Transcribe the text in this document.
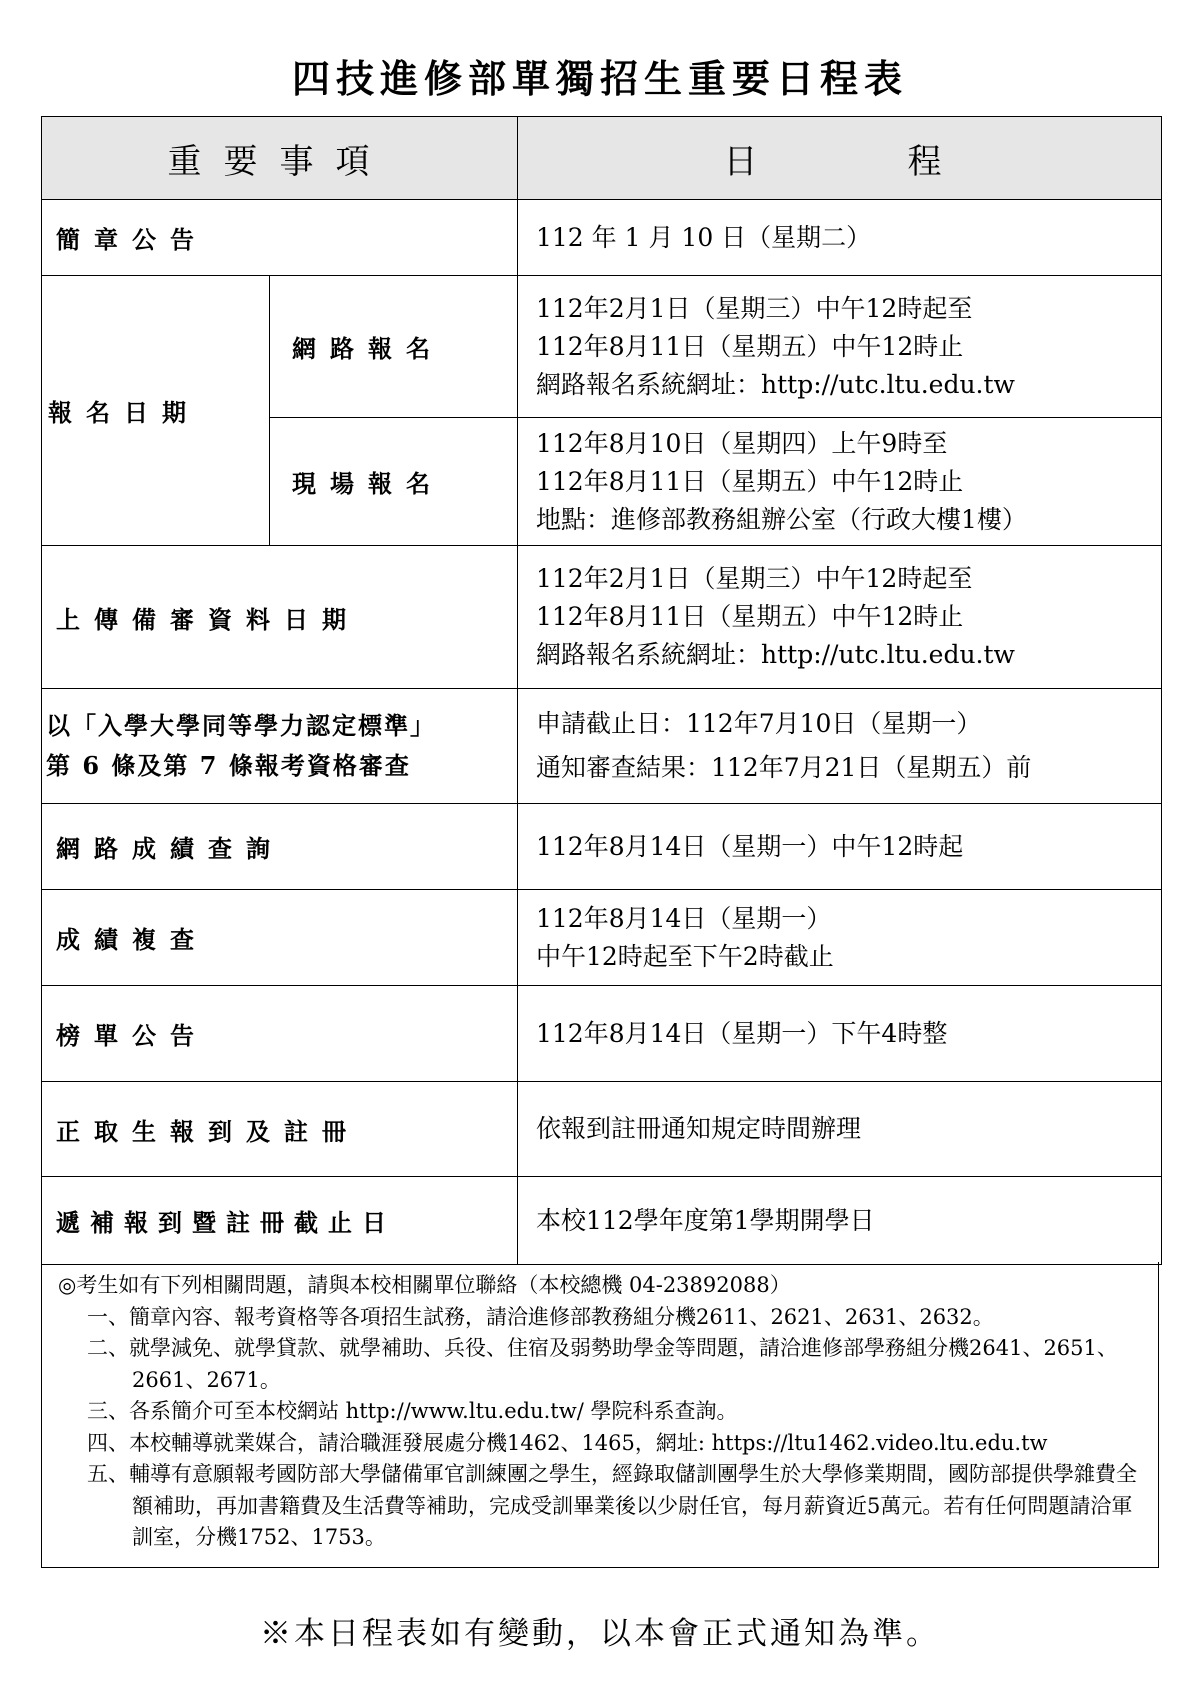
四技進修部單獨招生重要日程表
重要事項		日程
簡章公告		112 年 1 月 10 日（星期二）

報名日期	網路報名	112年2月1日（星期三）中午12時起至
112年8月11日（星期五）中午12時止
網路報名系統網址：http://utc.ltu.edu.tw

	現場報名	112年8月10日（星期四）上午9時至
112年8月11日（星期五）中午12時止
地點：進修部教務組辦公室（行政大樓1樓）

上傳備審資料日期		112年2月1日（星期三）中午12時起至
112年8月11日（星期五）中午12時止
網路報名系統網址：http://utc.ltu.edu.tw

以「入學大學同等學力認定標準」
第 6 條及第 7 條報考資格審查		申請截止日：112年7月10日（星期一）
通知審查結果：112年7月21日（星期五）前

網路成績查詢		112年8月14日（星期一）中午12時起

成績複查		112年8月14日（星期一）
中午12時起至下午2時截止

榜單公告		112年8月14日（星期一）下午4時整

正取生報到及註冊		依報到註冊通知規定時間辦理

遞補報到暨註冊截止日		本校112學年度第1學期開學日
◎考生如有下列相關問題，請與本校相關單位聯絡（本校總機 04-23892088）
一、簡章內容、報考資格等各項招生試務，請洽進修部教務組分機2611、2621、2631、2632。
二、就學減免、就學貸款、就學補助、兵役、住宿及弱勢助學金等問題，請洽進修部學務組分機2641、2651、2661、2671。
三、各系簡介可至本校網站 http://www.ltu.edu.tw/ 學院科系查詢。
四、本校輔導就業媒合，請洽職涯發展處分機1462、1465，網址: https://ltu1462.video.ltu.edu.tw
五、輔導有意願報考國防部大學儲備軍官訓練團之學生，經錄取儲訓團學生於大學修業期間，國防部提供學雜費全額補助，再加書籍費及生活費等補助，完成受訓畢業後以少尉任官，每月薪資近5萬元。若有任何問題請洽軍訓室，分機1752、1753。
※本日程表如有變動，以本會正式通知為準。
